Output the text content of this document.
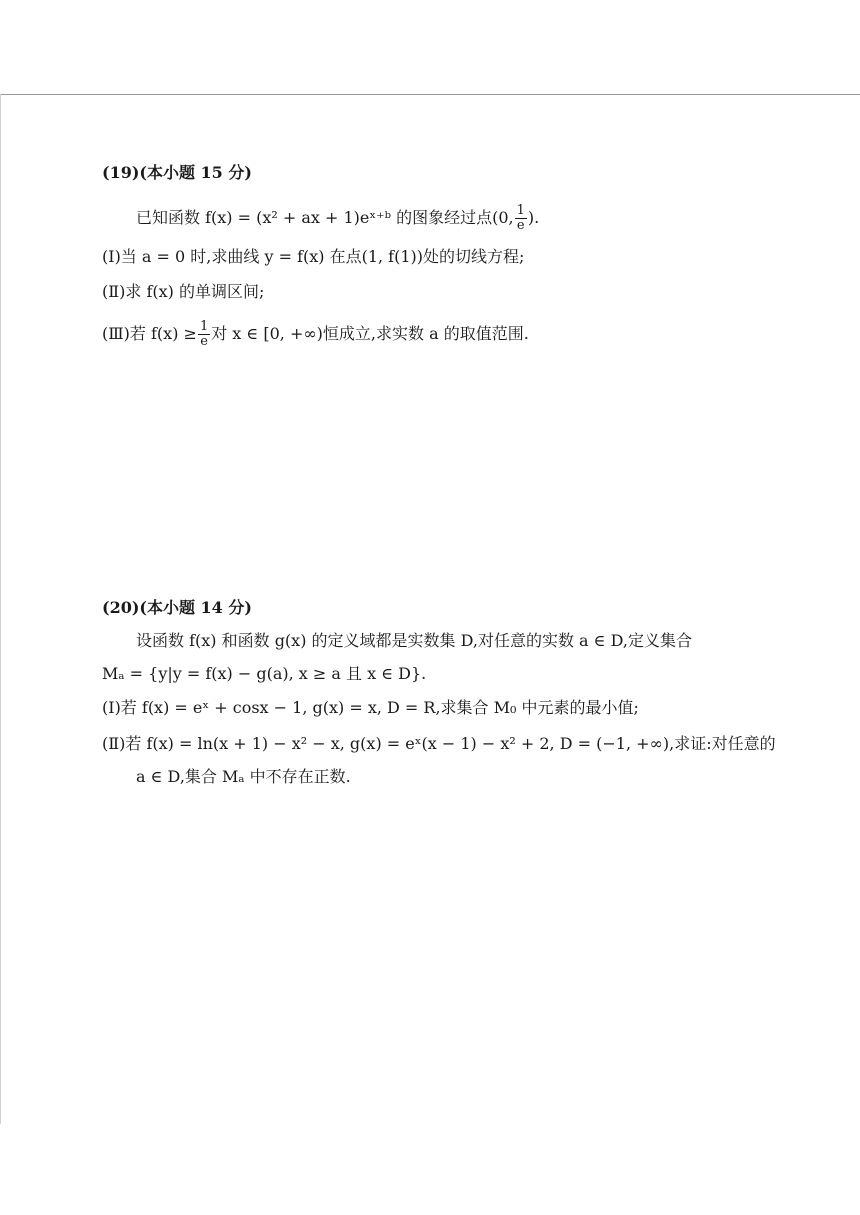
(19)(本小题 15 分)
已知函数 f(x) = (x² + ax + 1)eˣ⁺ᵇ 的图象经过点(0, $\frac{1}{e}$ ).
(Ⅰ)当 a = 0 时,求曲线 y = f(x) 在点(1, f(1))处的切线方程;
(Ⅱ)求 f(x) 的单调区间;
(Ⅲ)若 $f(x) \ge \frac{1}{e}$ 对 x ∈ [0, +∞)恒成立,求实数 a 的取值范围.
(20)(本小题 14 分)
设函数 f(x) 和函数 g(x) 的定义域都是实数集 D,对任意的实数 a ∈ D,定义集合
Mₐ = {y|y = f(x) − g(a), x ≥ a 且 x ∈ D}.
(Ⅰ)若 f(x) = eˣ + cosx − 1, g(x) = x, D = R,求集合 M₀ 中元素的最小值;
(Ⅱ)若 f(x) = ln(x + 1) − x² − x, g(x) = eˣ(x − 1) − x² + 2, D = (−1, +∞),求证:对任意的
a ∈ D,集合 Mₐ 中不存在正数.
